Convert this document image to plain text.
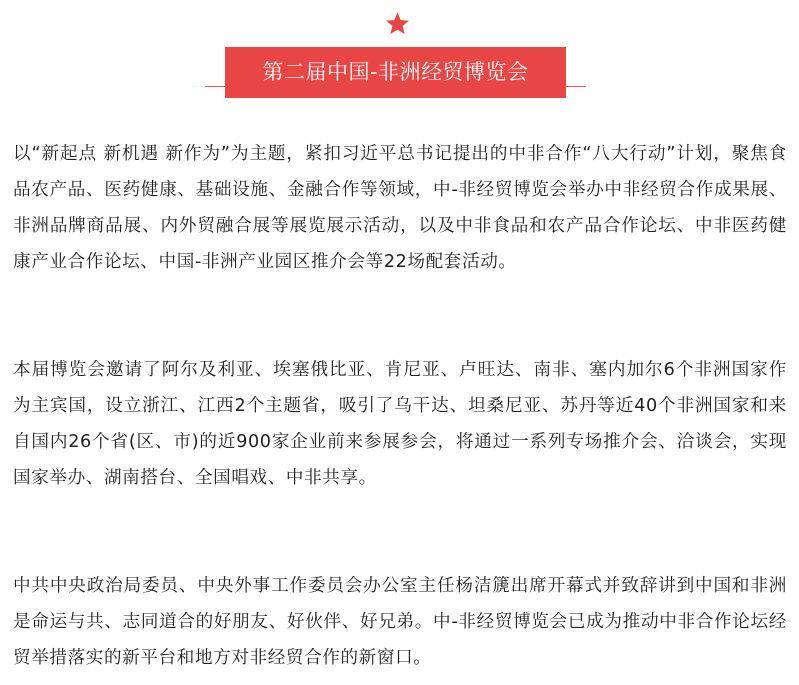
第二届中国-非洲经贸博览会

以“新起点 新机遇 新作为”为主题，紧扣习近平总书记提出的中非合作“八大行动”计划，聚焦食品农产品、医药健康、基础设施、金融合作等领域，中-非经贸博览会举办中非经贸合作成果展、非洲品牌商品展、内外贸融合展等展览展示活动，以及中非食品和农产品合作论坛、中非医药健康产业合作论坛、中国-非洲产业园区推介会等22场配套活动。

本届博览会邀请了阿尔及利亚、埃塞俄比亚、肯尼亚、卢旺达、南非、塞内加尔6个非洲国家作为主宾国，设立浙江、江西2个主题省，吸引了乌干达、坦桑尼亚、苏丹等近40个非洲国家和来自国内26个省(区、市)的近900家企业前来参展参会，将通过一系列专场推介会、洽谈会，实现国家举办、湖南搭台、全国唱戏、中非共享。

中共中央政治局委员、中央外事工作委员会办公室主任杨洁篪出席开幕式并致辞讲到中国和非洲是命运与共、志同道合的好朋友、好伙伴、好兄弟。中-非经贸博览会已成为推动中非合作论坛经贸举措落实的新平台和地方对非经贸合作的新窗口。
